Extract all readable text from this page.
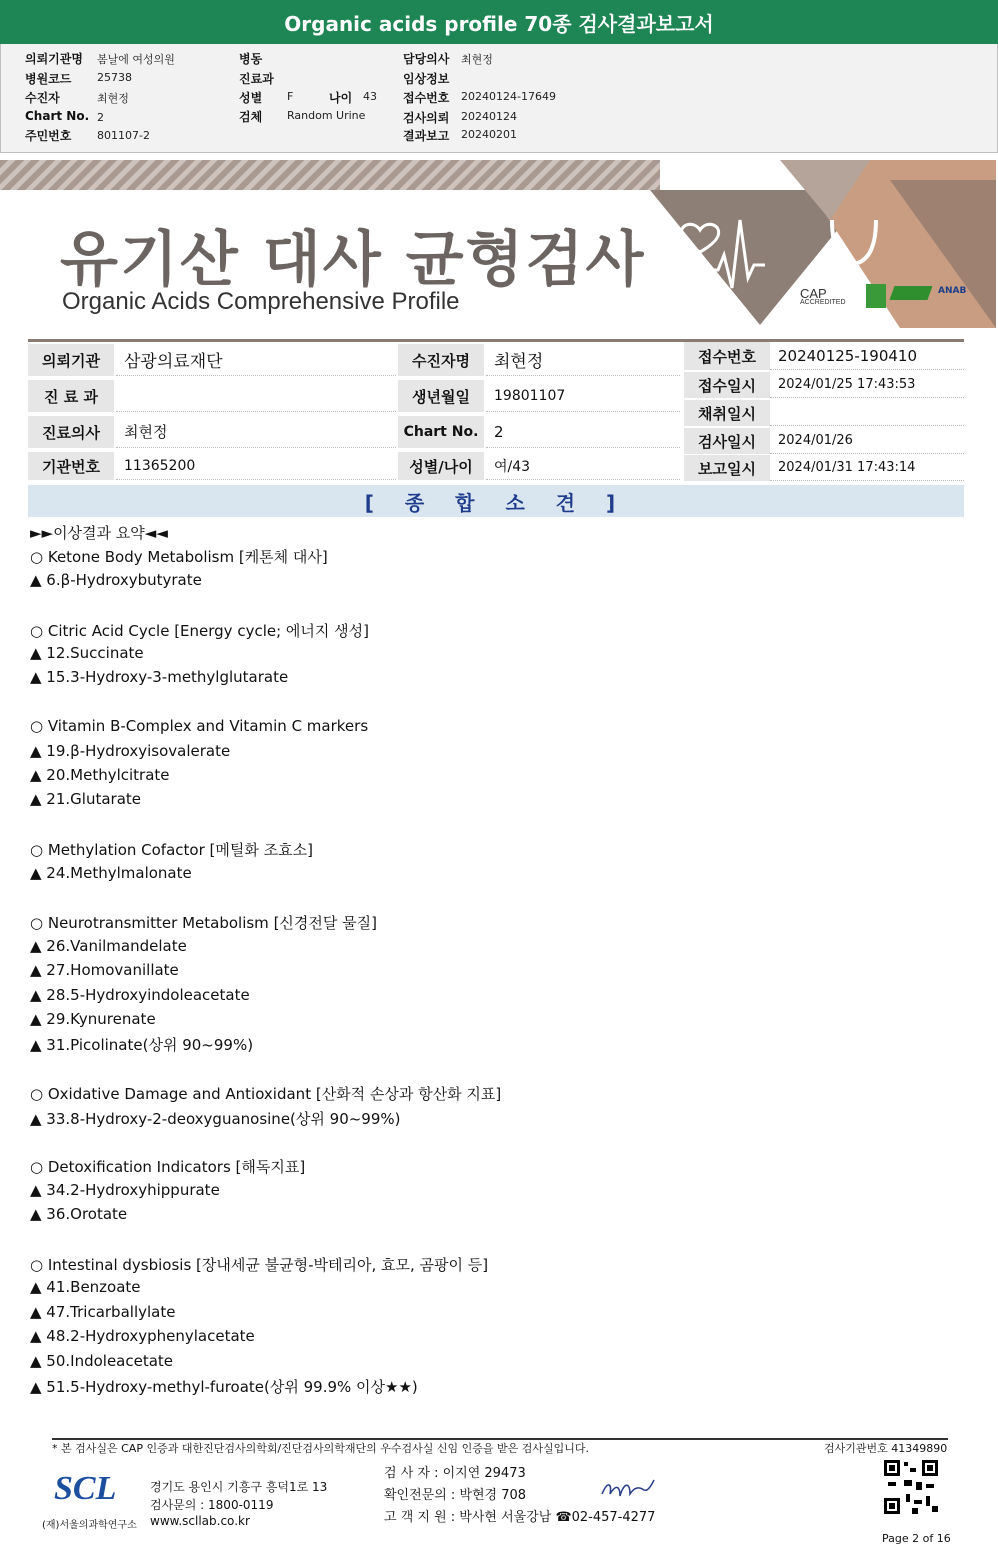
Organic acids profile 70종 검사결과보고서
의뢰기관명 봄날에 여성의원
병원코드 25738
수진자	최현정
Chart No. 2
주민번호 801107-2
병동
진료과
성별 F	나이 43
검체 Random Urine
담당의사 최현정
임상정보
접수번호 20240124-17649
검사의뢰 20240124
결과보고 20240201
CAP
ACCREDITED
ANAB
유기산 대사 균형검사
Organic Acids Comprehensive Profile
의뢰기관	삼광의료재단
진 료 과
진료의사	최현정
기관번호	11365200
수진자명	최현정
생년월일	19801107
Chart No.	2
성별/나이	여/43
접수번호	20240125-190410
접수일시	2024/01/25 17:43:53
채취일시
검사일시	2024/01/26
보고일시	2024/01/31 17:43:14
[ 종 합 소 견 ]
►►이상결과 요약◄◄
○ Ketone Body Metabolism [케톤체 대사]
▲ 6.β-Hydroxybutyrate
○ Citric Acid Cycle [Energy cycle; 에너지 생성]
▲ 12.Succinate
▲ 15.3-Hydroxy-3-methylglutarate
○ Vitamin B-Complex and Vitamin C markers
▲ 19.β-Hydroxyisovalerate
▲ 20.Methylcitrate
▲ 21.Glutarate
○ Methylation Cofactor [메틸화 조효소]
▲ 24.Methylmalonate
○ Neurotransmitter Metabolism [신경전달 물질]
▲ 26.Vanilmandelate
▲ 27.Homovanillate
▲ 28.5-Hydroxyindoleacetate
▲ 29.Kynurenate
▲ 31.Picolinate(상위 90~99%)
○ Oxidative Damage and Antioxidant [산화적 손상과 항산화 지표]
▲ 33.8-Hydroxy-2-deoxyguanosine(상위 90~99%)
○ Detoxification Indicators [해독지표]
▲ 34.2-Hydroxyhippurate
▲ 36.Orotate
○ Intestinal dysbiosis [장내세균 불균형-박테리아, 효모, 곰팡이 등]
▲ 41.Benzoate
▲ 47.Tricarballylate
▲ 48.2-Hydroxyphenylacetate
▲ 50.Indoleacetate
▲ 51.5-Hydroxy-methyl-furoate(상위 99.9% 이상★★)
* 본 검사실은 CAP 인증과 대한진단검사의학회/진단검사의학재단의 우수검사실 신임 인증을 받은 검사실입니다.	검사기관번호 41349890
SCL
(재)서울의과학연구소
경기도 용인시 기흥구 흥덕1로 13
검사문의 : 1800-0119
www.scllab.co.kr
검 사 자 : 이지연 29473
확인전문의 : 박현경 708
고 객 지 원 : 박사현 서울강남 ☎02-457-4277
Page 2 of 16
